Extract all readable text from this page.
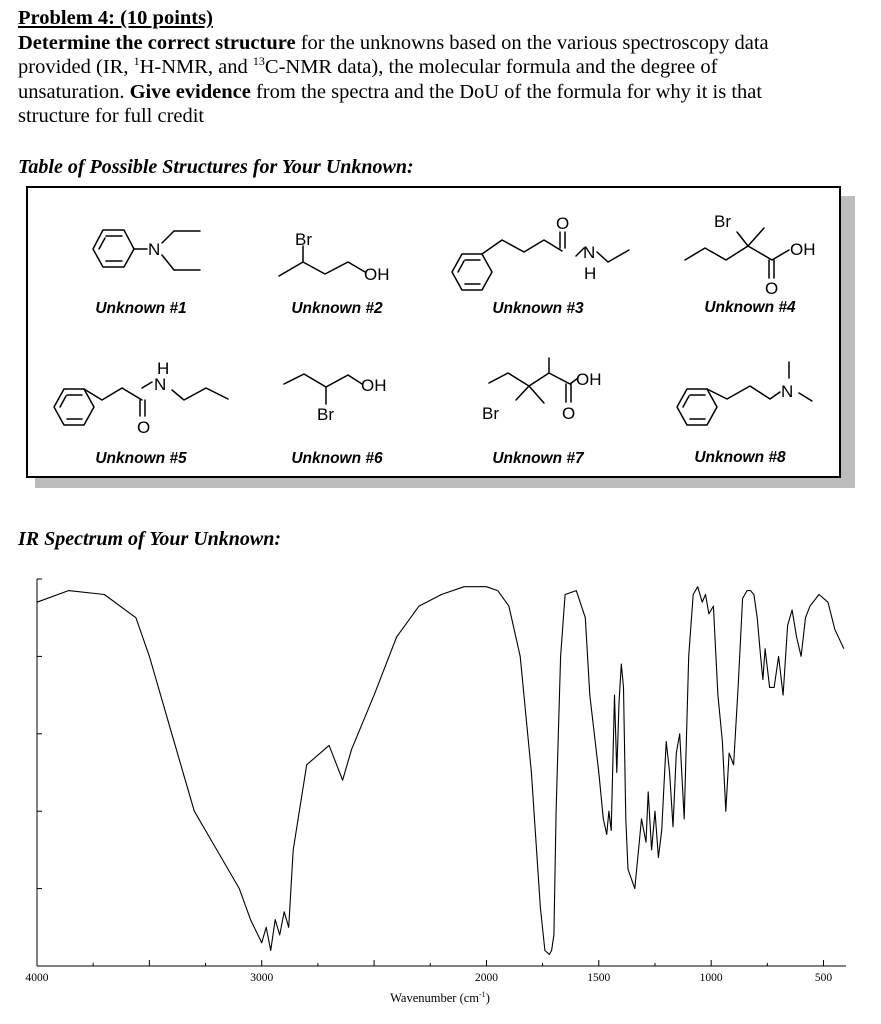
Problem 4: (10 points)
Determine the correct structure for the unknowns based on the various spectroscopy data
provided (IR, $^1$H-NMR, and $^{13}$C-NMR data), the molecular formula and the degree of
unsaturation. Give evidence from the spectra and the DoU of the formula for why it is that
structure for full credit
Table of Possible Structures for Your Unknown:
N
Br
OH
O
N
H
Br
OH
O
H
N
O
OH
Br	Br
OH
O
N
Unknown #1	Unknown #2	Unknown #3	Unknown #4
Unknown #5	Unknown #6	Unknown #7	Unknown #8
IR Spectrum of Your Unknown:
4000	3000	2000	1500	1000	500
Wavenumber $(cm^{-1})$
